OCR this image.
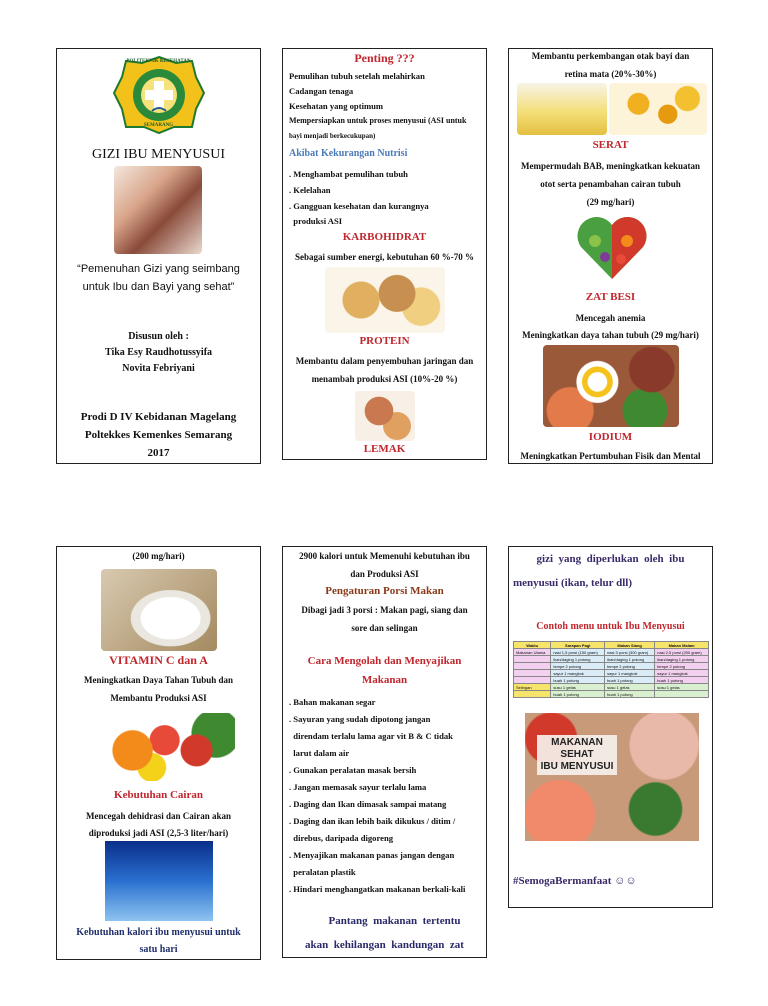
POLITEKNIK KESEHATAN
SEMARANG
GIZI IBU MENYUSUI
“Pemenuhan Gizi yang seimbang
untuk Ibu dan Bayi yang sehat”
Disusun oleh :
Tika Esy Raudhotussyifa
Novita Febriyani
Prodi D IV Kebidanan Magelang
Poltekkes Kemenkes Semarang
2017
Penting ???
Pemulihan tubuh setelah melahirkan
Cadangan tenaga
Kesehatan yang optimum
Mempersiapkan untuk proses menyusui (ASI untuk
bayi menjadi berkecukupan)
Akibat Kekurangan Nutrisi
. Menghambat pemulihan tubuh
. Kelelahan
. Gangguan kesehatan dan kurangnya
produksi ASI
KARBOHIDRAT
Sebagai sumber energi, kebutuhan 60 %-70 %
PROTEIN
Membantu dalam penyembuhan jaringan dan
menambah produksi ASI (10%-20 %)
LEMAK
Membantu perkembangan otak bayi dan
retina mata (20%-30%)
SERAT
Mempermudah BAB, meningkatkan kekuatan
otot serta penambahan cairan tubuh
(29 mg/hari)
ZAT BESI
Mencegah anemia
Meningkatkan daya tahan tubuh (29 mg/hari)
IODIUM
Meningkatkan Pertumbuhan Fisik dan Mental
(200 mg/hari)
VITAMIN C dan A
Meningkatkan Daya Tahan Tubuh dan
Membantu Produksi ASI
Kebutuhan Cairan
Mencegah dehidrasi dan Cairan akan
diproduksi jadi ASI (2,5-3 liter/hari)
Kebutuhan kalori ibu menyusui untuk
satu hari
2900 kalori untuk Memenuhi kebutuhan ibu
dan Produksi ASI
Pengaturan Porsi Makan
Dibagi jadi 3 porsi : Makan pagi, siang dan
sore dan selingan
Cara Mengolah dan Menyajikan
Makanan
. Bahan makanan segar
. Sayuran yang sudah dipotong jangan
direndam terlalu lama agar vit B & C tidak
larut dalam air
. Gunakan peralatan masak bersih
. Jangan memasak sayur terlalu lama
. Daging dan Ikan dimasak sampai matang
. Daging dan ikan lebih baik dikukus / ditim /
direbus, daripada digoreng
. Menyajikan makanan panas jangan dengan
peralatan plastik
. Hindari menghangatkan makanan berkali-kali
Pantang  makanan  tertentu
akan  kehilangan  kandungan  zat
gizi  yang  diperlukan  oleh  ibu
menyusui (ikan, telur dll)
Contoh menu untuk Ibu Menyusui
Waktu	Sarapan Pagi	Makan Siang	Makan Malam
Makanan Utama	nasi 1,5 porsi (150 gram)	nasi 3 porsi (300 gram)	nasi 2,5 porsi (250 gram)
	ikan/daging 1 potong	ikan/daging 1 potong	ikan/daging 1 potong
	tempe 2 potong	tempe 2 potong	tempe 2 potong
	sayur 1 mangkok	sayur 1 mangkok	sayur 1 mangkok
	buah 1 potong	buah 1 potong	buah 1 potong
Selingan	susu 1 gelas	susu 1 gelas	susu 1 gelas
	buah 1 potong	buah 1 potong	
MAKANAN
SEHAT
IBU MENYUSUI
#SemogaBermanfaat ☺☺
